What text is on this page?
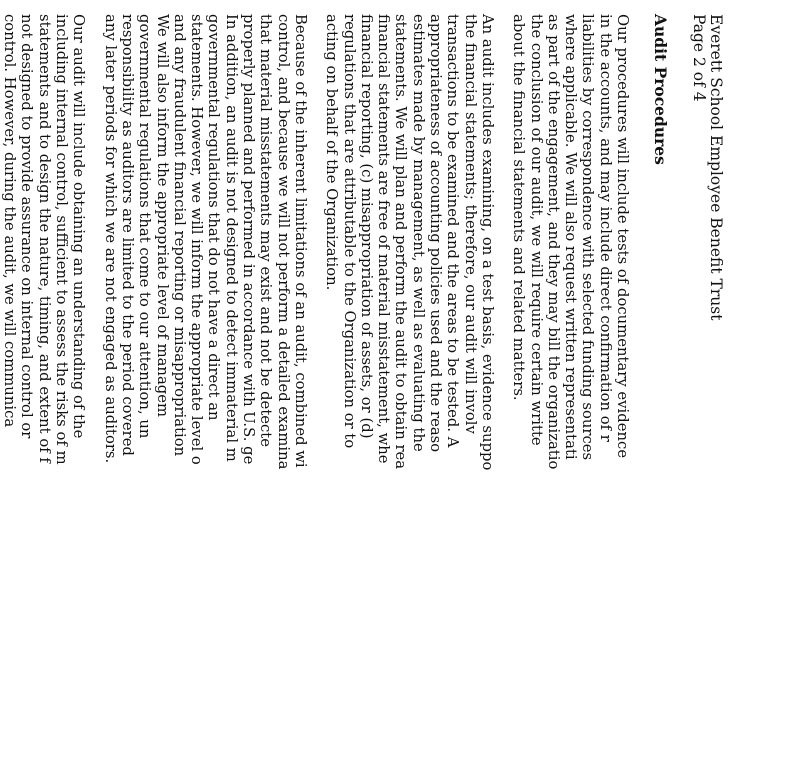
Everett School Employee Benefit Trust

Page 2 of 4

Audit Procedures
Our procedures will include tests of documentary evidence
in the accounts, and may include direct confirmation of r
liabilities by correspondence with selected funding sources
where applicable. We will also request written representati
as part of the engagement, and they may bill the organizatio
the conclusion of our audit, we will require certain writte
about the financial statements and related matters.
An audit includes examining, on a test basis, evidence suppo
the financial statements; therefore, our audit will involv
transactions to be examined and the areas to be tested. A
appropriateness of accounting policies used and the reaso
estimates made by management, as well as evaluating the
statements. We will plan and perform the audit to obtain rea
financial statements are free of material misstatement, whe
financial reporting, (c) misappropriation of assets, or (d)
regulations that are attributable to the Organization or to
acting on behalf of the Organization.
Because of the inherent limitations of an audit, combined wi
control, and because we will not perform a detailed examina
that material misstatements may exist and not be detecte
properly planned and performed in accordance with U.S. ge
In addition, an audit is not designed to detect immaterial m
governmental regulations that do not have a direct an
statements. However, we will inform the appropriate level o
and any fraudulent financial reporting or misappropriation
We will also inform the appropriate level of managem
governmental regulations that come to our attention, un
responsibility as auditors are limited to the period covered
any later periods for which we are not engaged as auditors.
Our audit will include obtaining an understanding of the
including internal control, sufficient to assess the risks of m
statements and to design the nature, timing, and extent of f
not designed to provide assurance on internal control or
control. However, during the audit, we will communica
